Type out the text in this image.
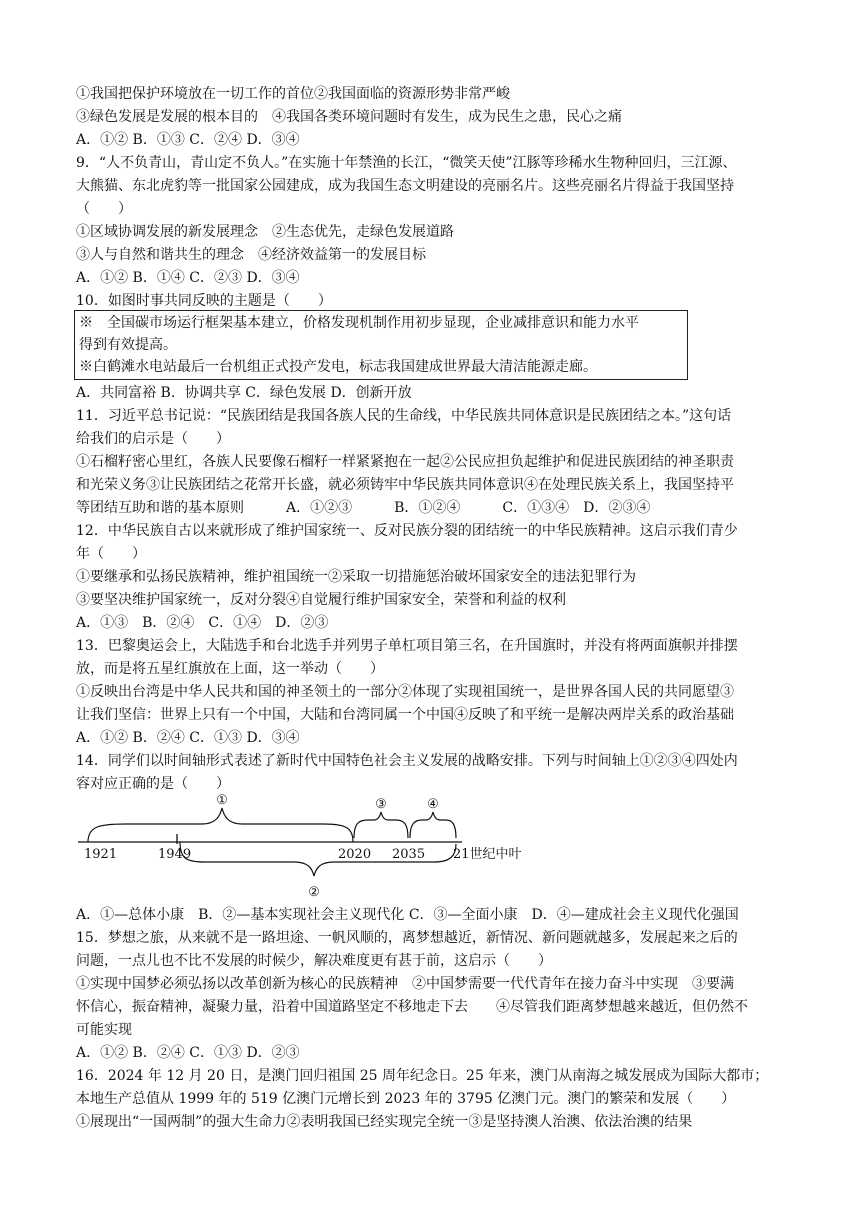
①我国把保护环境放在一切工作的首位②我国面临的资源形势非常严峻
③绿色发展是发展的根本目的　④我国各类环境问题时有发生，成为民生之患，民心之痛
A．①② B．①③ C．②④ D．③④
9．“人不负青山，青山定不负人。”在实施十年禁渔的长江，“微笑天使”江豚等珍稀水生物种回归，三江源、
大熊猫、东北虎豹等一批国家公园建成，成为我国生态文明建设的亮丽名片。这些亮丽名片得益于我国坚持
（　　）
①区域协调发展的新发展理念　②生态优先，走绿色发展道路
③人与自然和谐共生的理念　④经济效益第一的发展目标
A．①② B．①④ C．②③ D．③④
10．如图时事共同反映的主题是（　　）
※　全国碳市场运行框架基本建立，价格发现机制作用初步显现，企业减排意识和能力水平
得到有效提高。
※白鹤滩水电站最后一台机组正式投产发电，标志我国建成世界最大清洁能源走廊。
A．共同富裕 B．协调共享 C．绿色发展 D．创新开放
11．习近平总书记说：“民族团结是我国各族人民的生命线，中华民族共同体意识是民族团结之本。”这句话
给我们的启示是（　　）
①石榴籽密心里红，各族人民要像石榴籽一样紧紧抱在一起②公民应担负起维护和促进民族团结的神圣职责
和光荣义务③让民族团结之花常开长盛，就必须铸牢中华民族共同体意识④在处理民族关系上，我国坚持平
等团结互助和谐的基本原则　　　A．①②③　　　B．①②④　　　C．①③④　D．②③④
12．中华民族自古以来就形成了维护国家统一、反对民族分裂的团结统一的中华民族精神。这启示我们青少
年（　　）
①要继承和弘扬民族精神，维护祖国统一②采取一切措施惩治破坏国家安全的违法犯罪行为
③要坚决维护国家统一，反对分裂④自觉履行维护国家安全，荣誉和利益的权利
A．①③　B．②④　C．①④　D．②③
13．巴黎奥运会上，大陆选手和台北选手并列男子单杠项目第三名，在升国旗时，并没有将两面旗帜并排摆
放，而是将五星红旗放在上面，这一举动（　　）
①反映出台湾是中华人民共和国的神圣领土的一部分②体现了实现祖国统一，是世界各国人民的共同愿望③
让我们坚信：世界上只有一个中国，大陆和台湾同属一个中国④反映了和平统一是解决两岸关系的政治基础
A．①② B．②④ C．①③ D．③④
14．同学们以时间轴形式表述了新时代中国特色社会主义发展的战略安排。下列与时间轴上①②③④四处内
容对应正确的是（　　）
①	③	④
②
1921	1949	2020 2035 21世纪中叶
A．①—总体小康　B．②—基本实现社会主义现代化 C．③—全面小康　D．④—建成社会主义现代化强国
15．梦想之旅，从来就不是一路坦途、一帆风顺的，离梦想越近，新情况、新问题就越多，发展起来之后的
问题，一点儿也不比不发展的时候少，解决难度更有甚于前，这启示（　　）
①实现中国梦必须弘扬以改革创新为核心的民族精神　②中国梦需要一代代青年在接力奋斗中实现　③要满
怀信心，振奋精神，凝聚力量，沿着中国道路坚定不移地走下去　　④尽管我们距离梦想越来越近，但仍然不
可能实现
A．①② B．②④ C．①③ D．②③
16．2024 年 12 月 20 日，是澳门回归祖国 25 周年纪念日。25 年来，澳门从南海之城发展成为国际大都市；
本地生产总值从 1999 年的 519 亿澳门元增长到 2023 年的 3795 亿澳门元。澳门的繁荣和发展（　　）
①展现出“一国两制”的强大生命力②表明我国已经实现完全统一③是坚持澳人治澳、依法治澳的结果
